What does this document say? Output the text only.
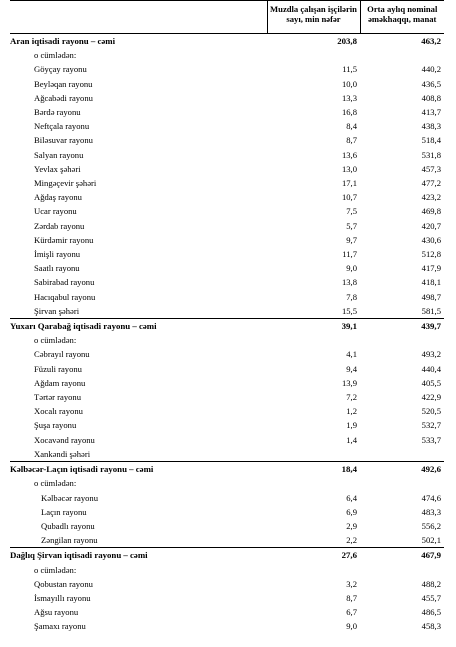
	Muzdla çalışan işçilərin sayı, min nəfər	Orta aylıq nominal əməkhaqqı, manat
Aran iqtisadi rayonu – cəmi	203,8	463,2
o cümlədən:		
Göyçay rayonu	11,5	440,2
Beyləqan rayonu	10,0	436,5
Ağcabədi rayonu	13,3	408,8
Bərdə rayonu	16,8	413,7
Neftçala rayonu	8,4	438,3
Biləsuvar rayonu	8,7	518,4
Salyan rayonu	13,6	531,8
Yevlax şəhəri	13,0	457,3
Mingəçevir şəhəri	17,1	477,2
Ağdaş rayonu	10,7	423,2
Ucar rayonu	7,5	469,8
Zərdab rayonu	5,7	420,7
Kürdəmir rayonu	9,7	430,6
İmişli rayonu	11,7	512,8
Saatlı rayonu	9,0	417,9
Sabirabad rayonu	13,8	418,1
Hacıqabul rayonu	7,8	498,7
Şirvan şəhəri	15,5	581,5
Yuxarı Qarabağ iqtisadi rayonu – cəmi	39,1	439,7
o cümlədən:		
Cəbrayıl rayonu	4,1	493,2
Füzuli rayonu	9,4	440,4
Ağdam rayonu	13,9	405,5
Tərtər rayonu	7,2	422,9
Xocalı rayonu	1,2	520,5
Şuşa rayonu	1,9	532,7
Xocavənd rayonu	1,4	533,7
Xankəndi şəhəri		
Kəlbəcər-Laçın iqtisadi rayonu – cəmi	18,4	492,6
o cümlədən:		
Kəlbəcər rayonu	6,4	474,6
Laçın rayonu	6,9	483,3
Qubadlı rayonu	2,9	556,2
Zəngilan rayonu	2,2	502,1
Dağlıq Şirvan iqtisadi rayonu – cəmi	27,6	467,9
o cümlədən:		
Qobustan rayonu	3,2	488,2
İsmayıllı rayonu	8,7	455,7
Ağsu rayonu	6,7	486,5
Şamaxı rayonu	9,0	458,3
